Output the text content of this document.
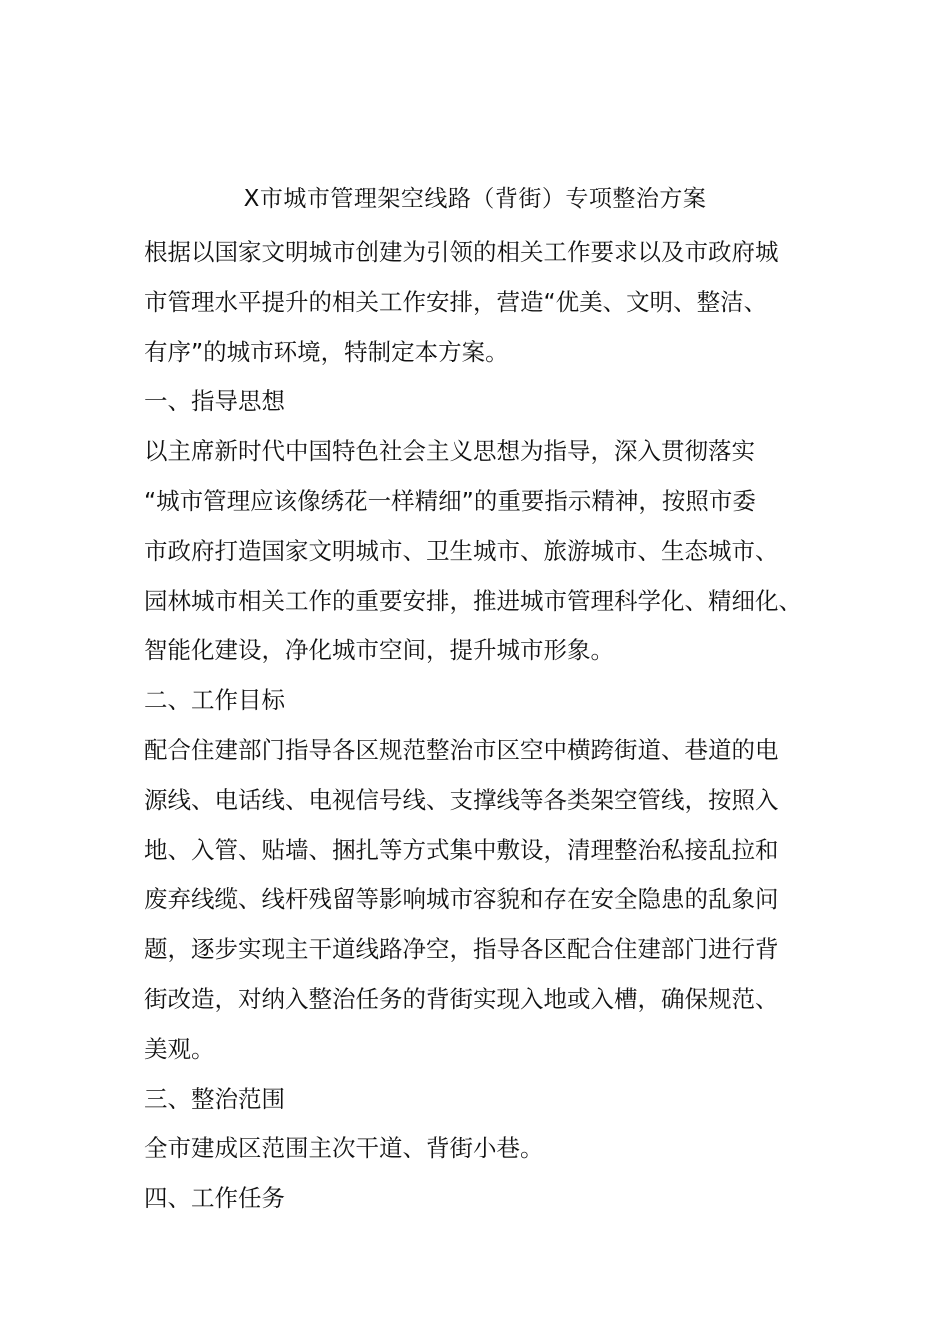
X市城市管理架空线路（背街）专项整治方案
根据以国家文明城市创建为引领的相关工作要求以及市政府城
市管理水平提升的相关工作安排，营造“优美、文明、整洁、
有序”的城市环境，特制定本方案。
一、指导思想
以主席新时代中国特色社会主义思想为指导，深入贯彻落实
“城市管理应该像绣花一样精细”的重要指示精神，按照市委
市政府打造国家文明城市、卫生城市、旅游城市、生态城市、
园林城市相关工作的重要安排，推进城市管理科学化、精细化、
智能化建设，净化城市空间，提升城市形象。
二、工作目标
配合住建部门指导各区规范整治市区空中横跨街道、巷道的电
源线、电话线、电视信号线、支撑线等各类架空管线，按照入
地、入管、贴墙、捆扎等方式集中敷设，清理整治私接乱拉和
废弃线缆、线杆残留等影响城市容貌和存在安全隐患的乱象问
题，逐步实现主干道线路净空，指导各区配合住建部门进行背
街改造，对纳入整治任务的背街实现入地或入槽，确保规范、
美观。
三、整治范围
全市建成区范围主次干道、背街小巷。
四、工作任务
